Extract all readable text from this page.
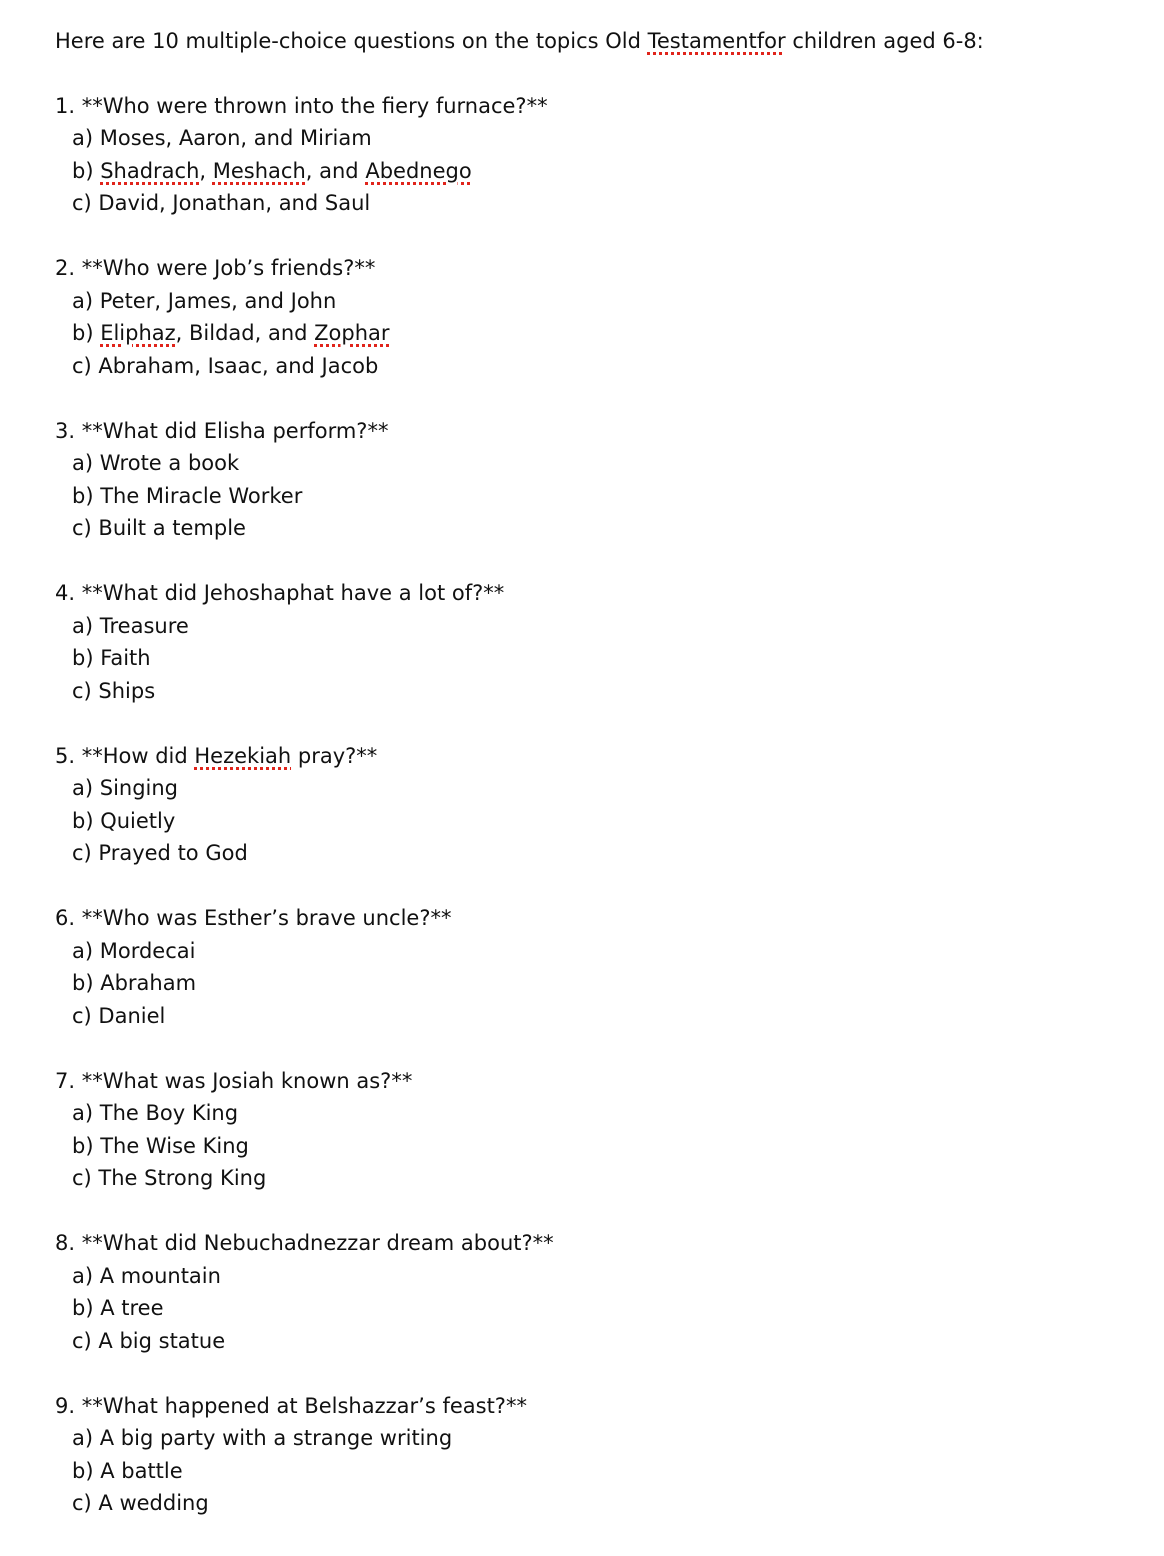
Here are 10 multiple-choice questions on the topics Old Testamentfor children aged 6-8:
1. **Who were thrown into the fiery furnace?**
a) Moses, Aaron, and Miriam
b) Shadrach, Meshach, and Abednego
c) David, Jonathan, and Saul
2. **Who were Job’s friends?**
a) Peter, James, and John
b) Eliphaz, Bildad, and Zophar
c) Abraham, Isaac, and Jacob
3. **What did Elisha perform?**
a) Wrote a book
b) The Miracle Worker
c) Built a temple
4. **What did Jehoshaphat have a lot of?**
a) Treasure
b) Faith
c) Ships
5. **How did Hezekiah pray?**
a) Singing
b) Quietly
c) Prayed to God
6. **Who was Esther’s brave uncle?**
a) Mordecai
b) Abraham
c) Daniel
7. **What was Josiah known as?**
a) The Boy King
b) The Wise King
c) The Strong King
8. **What did Nebuchadnezzar dream about?**
a) A mountain
b) A tree
c) A big statue
9. **What happened at Belshazzar’s feast?**
a) A big party with a strange writing
b) A battle
c) A wedding
